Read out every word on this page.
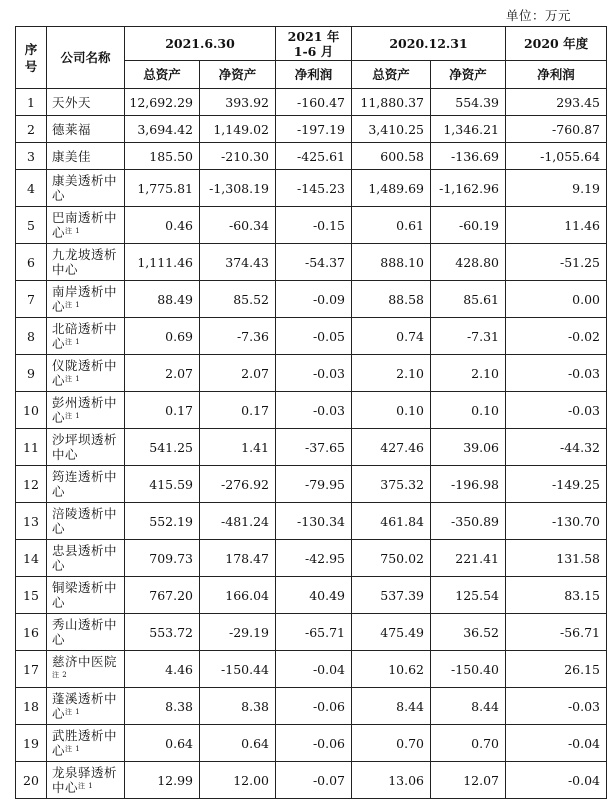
单位：万元
序号	公司名称	2021.6.30		2021 年
1-6 月	2020.12.31		2020 年度
		总资产	净资产	净利润	总资产	净资产	净利润
1	天外天	12,692.29	393.92	-160.47	11,880.37	554.39	293.45
2	德莱福	3,694.42	1,149.02	-197.19	3,410.25	1,346.21	-760.87
3	康美佳	185.50	-210.30	-425.61	600.58	-136.69	-1,055.64
4	康美透析中心	1,775.81	-1,308.19	-145.23	1,489.69	-1,162.96	9.19
5	巴南透析中心$^{注 1}$	0.46	-60.34	-0.15	0.61	-60.19	11.46
6	九龙坡透析中心	1,111.46	374.43	-54.37	888.10	428.80	-51.25
7	南岸透析中心$^{注 1}$	88.49	85.52	-0.09	88.58	85.61	0.00
8	北碚透析中心$^{注 1}$	0.69	-7.36	-0.05	0.74	-7.31	-0.02
9	仪陇透析中心$^{注 1}$	2.07	2.07	-0.03	2.10	2.10	-0.03
10	彭州透析中心$^{注 1}$	0.17	0.17	-0.03	0.10	0.10	-0.03
11	沙坪坝透析中心	541.25	1.41	-37.65	427.46	39.06	-44.32
12	筠连透析中心	415.59	-276.92	-79.95	375.32	-196.98	-149.25
13	涪陵透析中心	552.19	-481.24	-130.34	461.84	-350.89	-130.70
14	忠县透析中心	709.73	178.47	-42.95	750.02	221.41	131.58
15	铜梁透析中心	767.20	166.04	40.49	537.39	125.54	83.15
16	秀山透析中心	553.72	-29.19	-65.71	475.49	36.52	-56.71
17	慈济中医院$^{注 2}$	4.46	-150.44	-0.04	10.62	-150.40	26.15
18	蓬溪透析中心$^{注 1}$	8.38	8.38	-0.06	8.44	8.44	-0.03
19	武胜透析中心$^{注 1}$	0.64	0.64	-0.06	0.70	0.70	-0.04
20	龙泉驿透析中心$^{注 1}$	12.99	12.00	-0.07	13.06	12.07	-0.04
